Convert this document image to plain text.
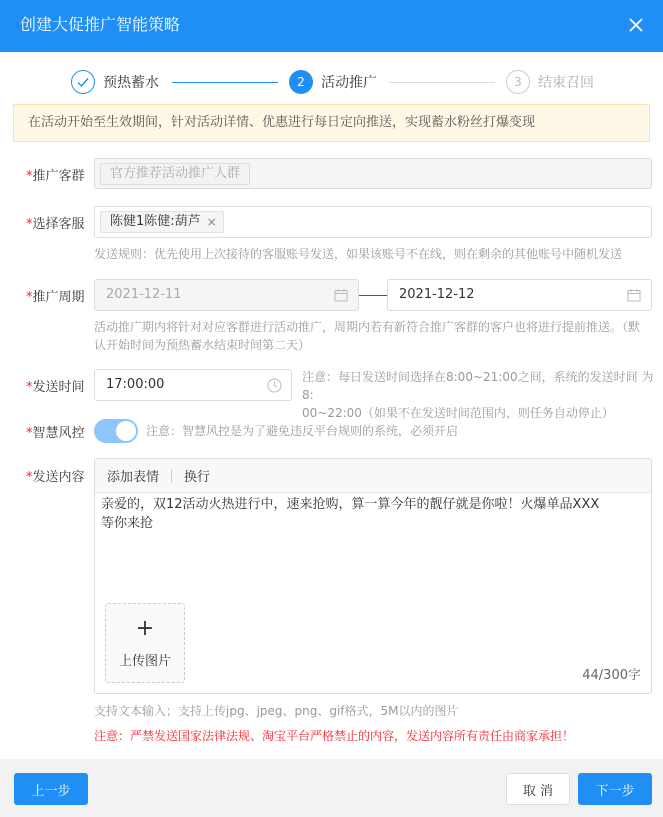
创建大促推广智能策略
预热蓄水	2	活动推广	3	结束召回
在活动开始至生效期间，针对活动详情、优惠进行每日定向推送，实现蓄水粉丝打爆变现
*推广客群	官方推荐活动推广人群
*选择客服 陈健1陈健:葫芦 ×
发送规则：优先使用上次接待的客服账号发送，如果该账号不在线，则在剩余的其他账号中随机发送
*推广周期	2021-12-11	2021-12-12
活动推广期内将针对对应客群进行活动推广，周期内若有新符合推广客群的客户也将进行提前推送。（默
认开始时间为预热蓄水结束时间第二天）
*发送时间	17:00:00	注意：每日发送时间选择在8:00~21:00之间，系统的发送时间 为8:
00~22:00（如果不在发送时间范围内，则任务自动停止）
*智慧风控	注意：智慧风控是为了避免违反平台规则的系统，必须开启
*发送内容 添加表情 换行
亲爱的，双12活动火热进行中，速来抢购，算一算今年的靓仔就是你啦！火爆单品XXX
等你来抢
+
上传图片
44/300字
支持文本输入；支持上传jpg、jpeg、png、gif格式，5M以内的图片
注意：严禁发送国家法律法规、淘宝平台严格禁止的内容，发送内容所有责任由商家承担！
上一步	取 消	下一步
